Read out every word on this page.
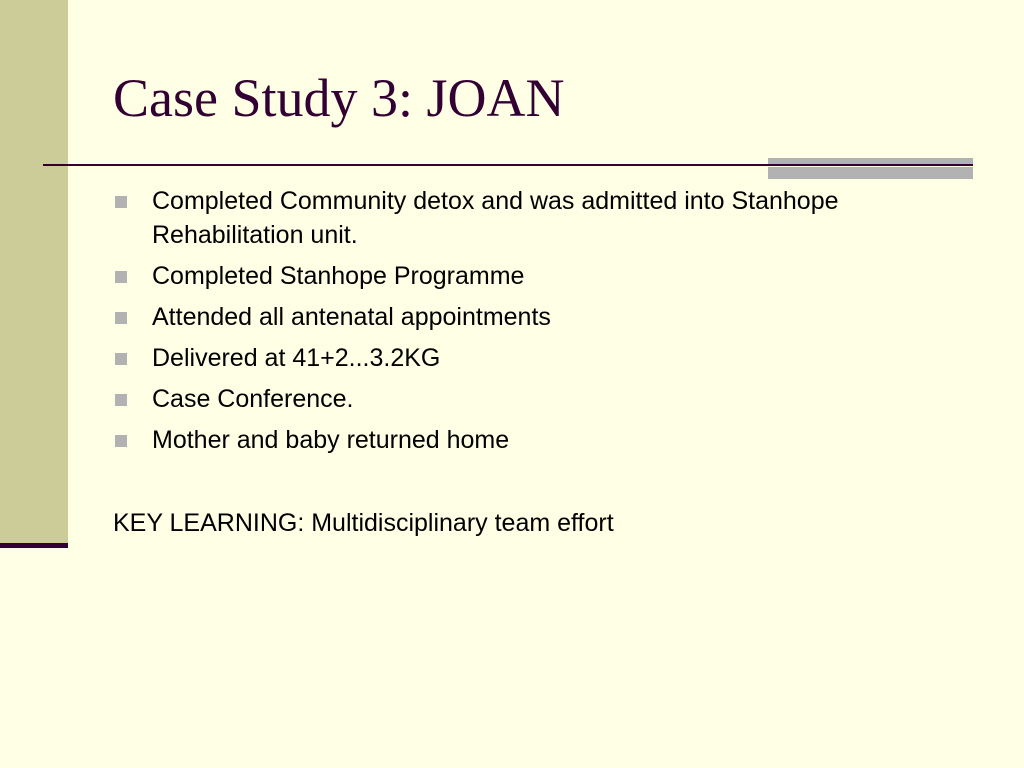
Case Study 3: JOAN
Completed Community detox and was admitted into Stanhope Rehabilitation unit.
Completed Stanhope Programme
Attended all antenatal appointments
Delivered at 41+2...3.2KG
Case Conference.
Mother and baby returned home

KEY LEARNING: Multidisciplinary team effort
